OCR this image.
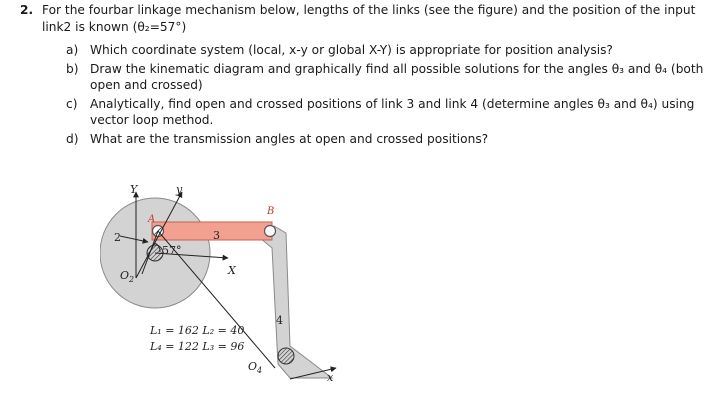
2. For the fourbar linkage mechanism below, lengths of the links (see the figure) and the position of the input link2 is known (θ₂=57°)
a) Which coordinate system (local, x-y or global X-Y) is appropriate for position analysis?
b) Draw the kinematic diagram and graphically find all possible solutions for the angles θ₃ and θ₄ (both open and crossed)
c)	Analytically, find open and crossed positions of link 3 and link 4 (determine angles θ₃ and θ₄) using vector loop method.
d) What are the transmission angles at open and crossed positions?
Y	y
A
B
2	3
4
57°
$O_2$
X
$O_4$
x
L₁ = 162 L₂ = 40
L₄ = 122 L₃ = 96
